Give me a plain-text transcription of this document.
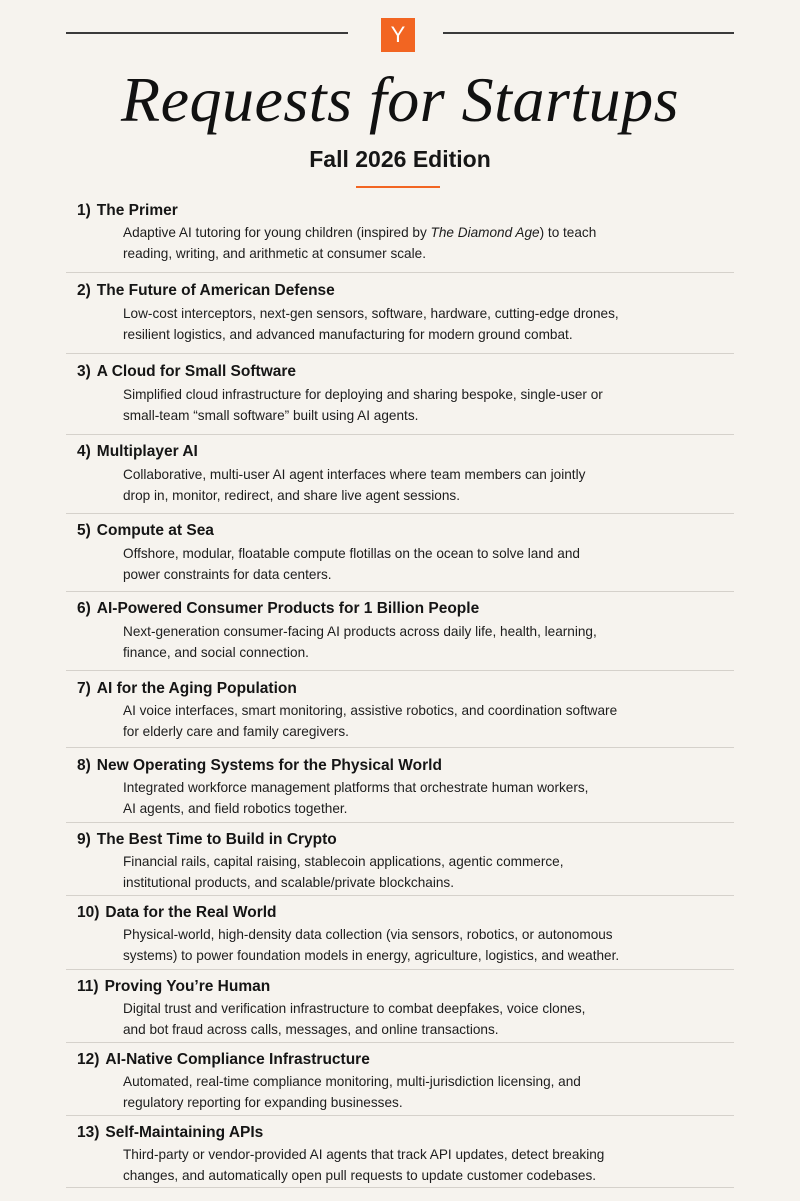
Y
Requests for Startups
Fall 2026 Edition
1) The Primer
Adaptive AI tutoring for young children (inspired by The Diamond Age) to teach
reading, writing, and arithmetic at consumer scale.
2) The Future of American Defense
Low-cost interceptors, next-gen sensors, software, hardware, cutting-edge drones,
resilient logistics, and advanced manufacturing for modern ground combat.
3) A Cloud for Small Software
Simplified cloud infrastructure for deploying and sharing bespoke, single-user or
small-team “small software” built using AI agents.
4) Multiplayer AI
Collaborative, multi-user AI agent interfaces where team members can jointly
drop in, monitor, redirect, and share live agent sessions.
5) Compute at Sea
Offshore, modular, floatable compute flotillas on the ocean to solve land and
power constraints for data centers.
6) AI-Powered Consumer Products for 1 Billion People
Next-generation consumer-facing AI products across daily life, health, learning,
finance, and social connection.
7) AI for the Aging Population
AI voice interfaces, smart monitoring, assistive robotics, and coordination software
for elderly care and family caregivers.
8) New Operating Systems for the Physical World
Integrated workforce management platforms that orchestrate human workers,
AI agents, and field robotics together.
9) The Best Time to Build in Crypto
Financial rails, capital raising, stablecoin applications, agentic commerce,
institutional products, and scalable/private blockchains.
10) Data for the Real World
Physical-world, high-density data collection (via sensors, robotics, or autonomous
systems) to power foundation models in energy, agriculture, logistics, and weather.
11) Proving You’re Human
Digital trust and verification infrastructure to combat deepfakes, voice clones,
and bot fraud across calls, messages, and online transactions.
12) AI-Native Compliance Infrastructure
Automated, real-time compliance monitoring, multi-jurisdiction licensing, and
regulatory reporting for expanding businesses.
13) Self-Maintaining APIs
Third-party or vendor-provided AI agents that track API updates, detect breaking
changes, and automatically open pull requests to update customer codebases.
